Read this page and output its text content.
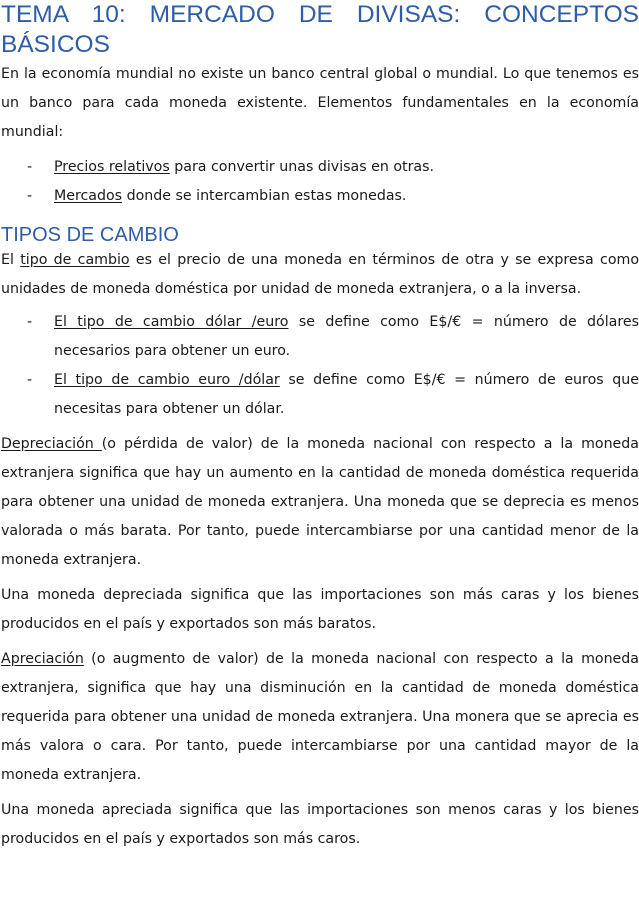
TEMA 10: MERCADO DE DIVISAS: CONCEPTOS
BÁSICOS

En la economía mundial no existe un banco central global o mundial. Lo que tenemos es un banco para cada moneda existente. Elementos fundamentales en la economía mundial:

- Precios relativos para convertir unas divisas en otras.
- Mercados donde se intercambian estas monedas.
TIPOS DE CAMBIO

El tipo de cambio es el precio de una moneda en términos de otra y se expresa como unidades de moneda doméstica por unidad de moneda extranjera, o a la inversa.

- El tipo de cambio dólar /euro se define como E$/€ = número de dólares necesarios para obtener un euro.
- El tipo de cambio euro /dólar se define como E$/€ = número de euros que necesitas para obtener un dólar.

Depreciación (o pérdida de valor) de la moneda nacional con respecto a la moneda extranjera significa que hay un aumento en la cantidad de moneda doméstica requerida para obtener una unidad de moneda extranjera. Una moneda que se deprecia es menos valorada o más barata. Por tanto, puede intercambiarse por una cantidad menor de la moneda extranjera.

Una moneda depreciada significa que las importaciones son más caras y los bienes producidos en el país y exportados son más baratos.

Apreciación (o augmento de valor) de la moneda nacional con respecto a la moneda extranjera, significa que hay una disminución en la cantidad de moneda doméstica requerida para obtener una unidad de moneda extranjera. Una monera que se aprecia es más valora o cara. Por tanto, puede intercambiarse por una cantidad mayor de la moneda extranjera.

Una moneda apreciada significa que las importaciones son menos caras y los bienes producidos en el país y exportados son más caros.
